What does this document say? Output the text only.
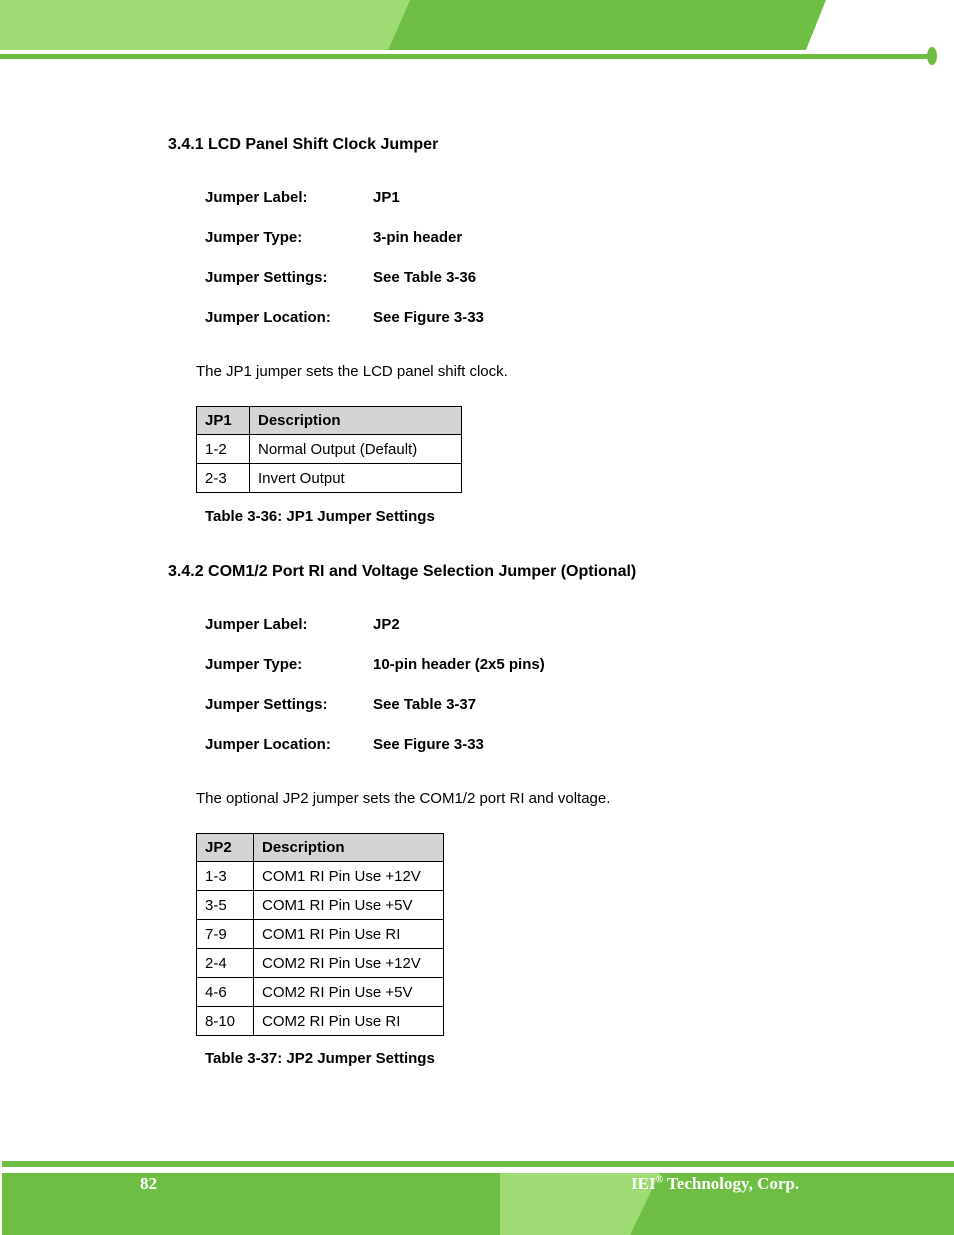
3.4.1 LCD Panel Shift Clock Jumper
Jumper Label:	JP1
Jumper Type:	3-pin header
Jumper Settings:	See Table 3-36
Jumper Location:	See Figure 3-33
The JP1 jumper sets the LCD panel shift clock.
JP1	Description
1-2	Normal Output (Default)
2-3	Invert Output
Table 3-36: JP1 Jumper Settings
3.4.2 COM1/2 Port RI and Voltage Selection Jumper (Optional)
Jumper Label:	JP2
Jumper Type:	10-pin header (2x5 pins)
Jumper Settings:	See Table 3-37
Jumper Location:	See Figure 3-33
The optional JP2 jumper sets the COM1/2 port RI and voltage.
JP2	Description
1-3	COM1 RI Pin Use +12V
3-5	COM1 RI Pin Use +5V
7-9	COM1 RI Pin Use RI
2-4	COM2 RI Pin Use +12V
4-6	COM2 RI Pin Use +5V
8-10	COM2 RI Pin Use RI
Table 3-37: JP2 Jumper Settings
82	IEI® Technology, Corp.
